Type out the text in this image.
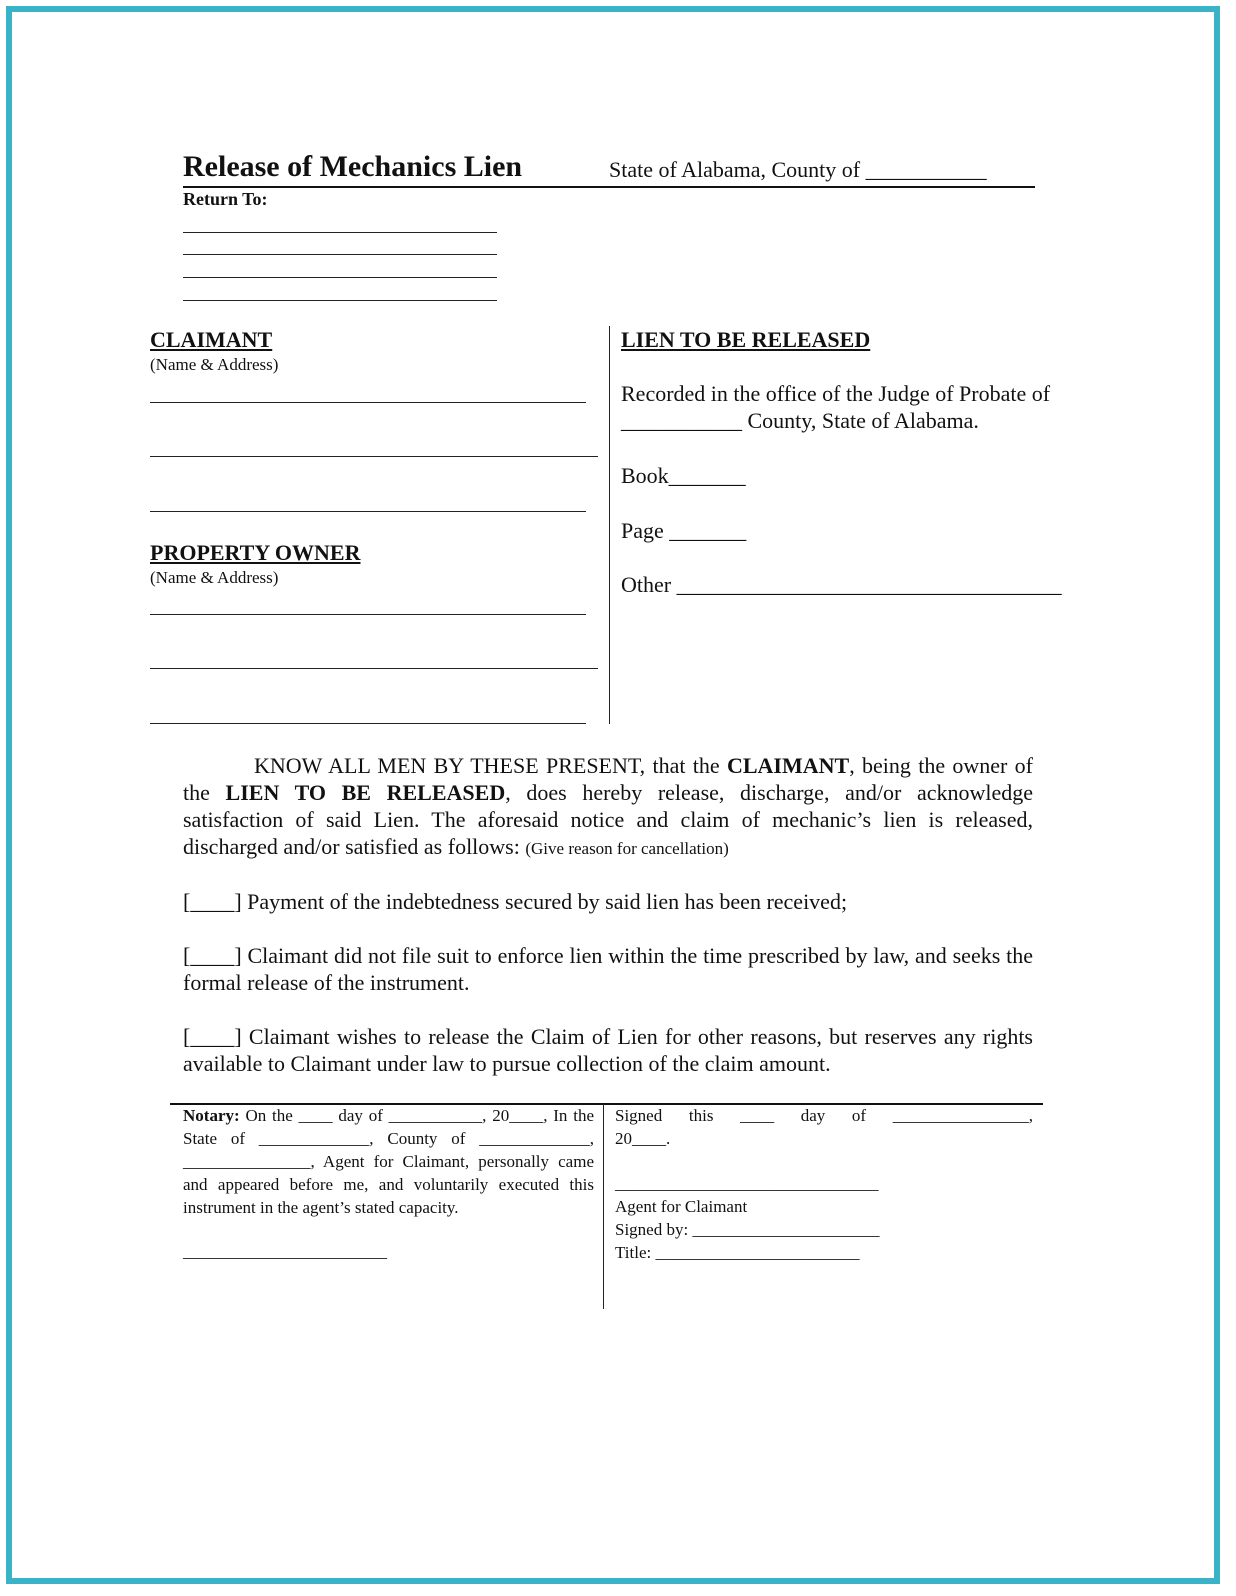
Release of Mechanics Lien	State of Alabama, County of ___________
Return To:
CLAIMANT
(Name & Address)
PROPERTY OWNER
(Name & Address)
LIEN TO BE RELEASED
Recorded in the office of the Judge of Probate of
___________ County, State of Alabama.
Book_______
Page _______
Other ___________________________________
KNOW ALL MEN BY THESE PRESENT, that the CLAIMANT, being the owner of the LIEN TO BE RELEASED, does hereby release, discharge, and/or acknowledge satisfaction of said Lien. The aforesaid notice and claim of mechanic’s lien is released, discharged and/or satisfied as follows: (Give reason for cancellation)
[____] Payment of the indebtedness secured by said lien has been received;
[____] Claimant did not file suit to enforce lien within the time prescribed by law, and seeks the formal release of the instrument.
[____] Claimant wishes to release the Claim of Lien for other reasons, but reserves any rights available to Claimant under law to pursue collection of the claim amount.
Notary: On the ____ day of ___________, 20____, In the State of _____________, County of _____________, _______________, Agent for Claimant, personally came and appeared before me, and voluntarily executed this instrument in the agent’s stated capacity.
________________________
Signed this ____ day of ________________,
20____.
_______________________________
Agent for Claimant
Signed by: ______________________
Title: ________________________
